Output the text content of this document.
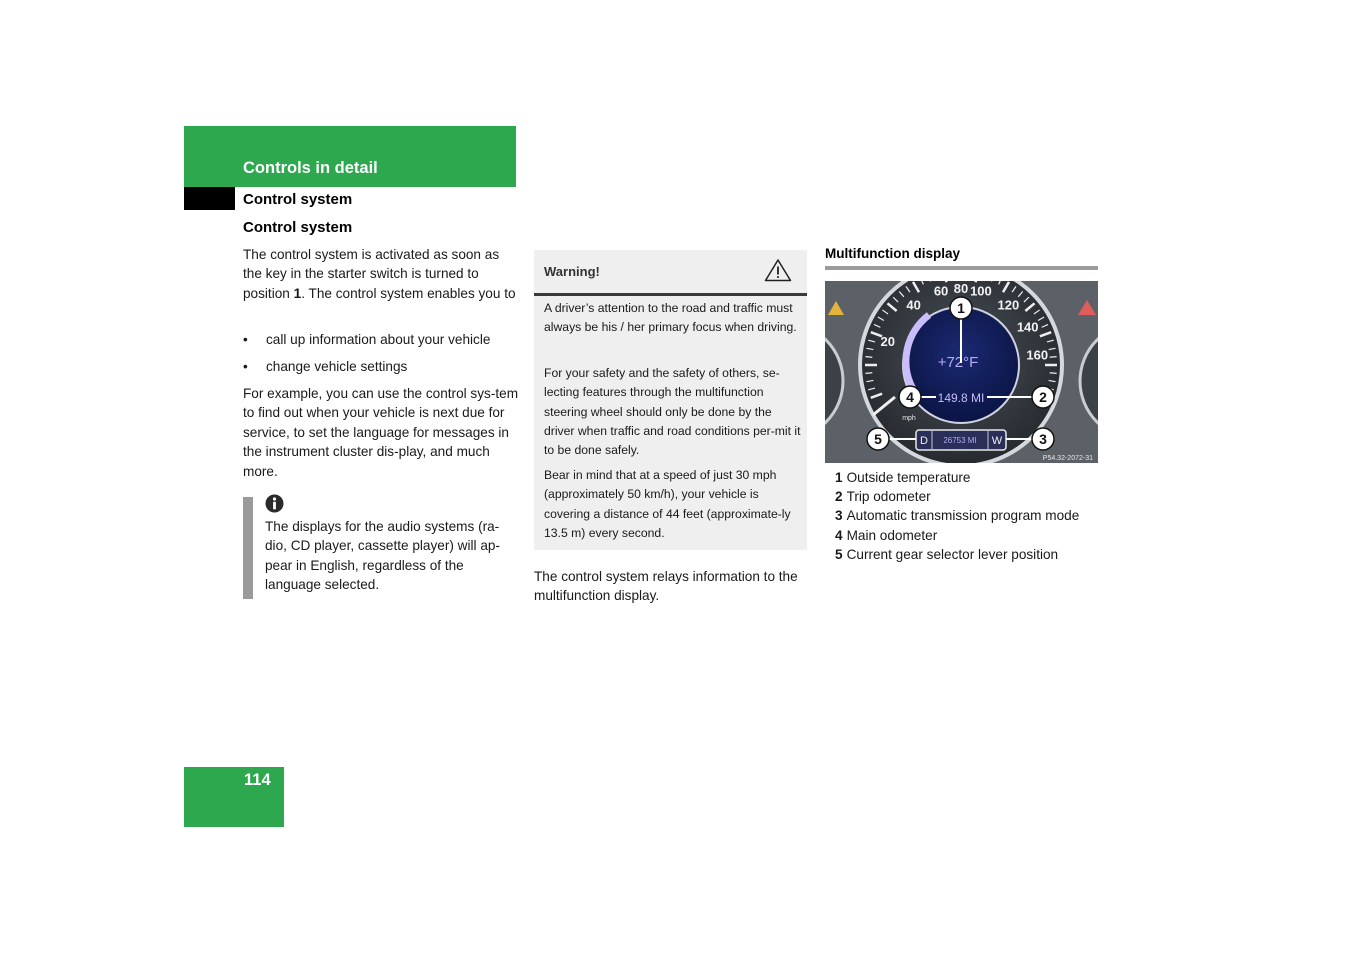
Controls in detail
Control system
Control system
The control system is activated as soon as the key in the starter switch is turned to position 1. The control system enables you to
• call up information about your vehicle
• change vehicle settings
For example, you can use the control sys-tem to find out when your vehicle is next due for service, to set the language for messages in the instrument cluster dis-play, and much more.
The displays for the audio systems (ra-dio, CD player, cassette player) will ap-pear in English, regardless of the language selected.
Warning!
A driver’s attention to the road and traffic must always be his / her primary focus when driving.
For your safety and the safety of others, se-lecting features through the multifunction steering wheel should only be done by the driver when traffic and road conditions per-mit it to be done safely.
Bear in mind that at a speed of just 30 mph (approximately 50 km/h), your vehicle is covering a distance of 44 feet (approximate-ly 13.5 m) every second.
The control system relays information to the multifunction display.
Multifunction display
20
40
60 80 100
120
140
160
+72°F
149.8 MI
mph
D 26753 MI W
1
2
3
4
5
P54.32-2072-31
1 Outside temperature
2 Trip odometer
3 Automatic transmission program mode
4 Main odometer
5 Current gear selector lever position
114
